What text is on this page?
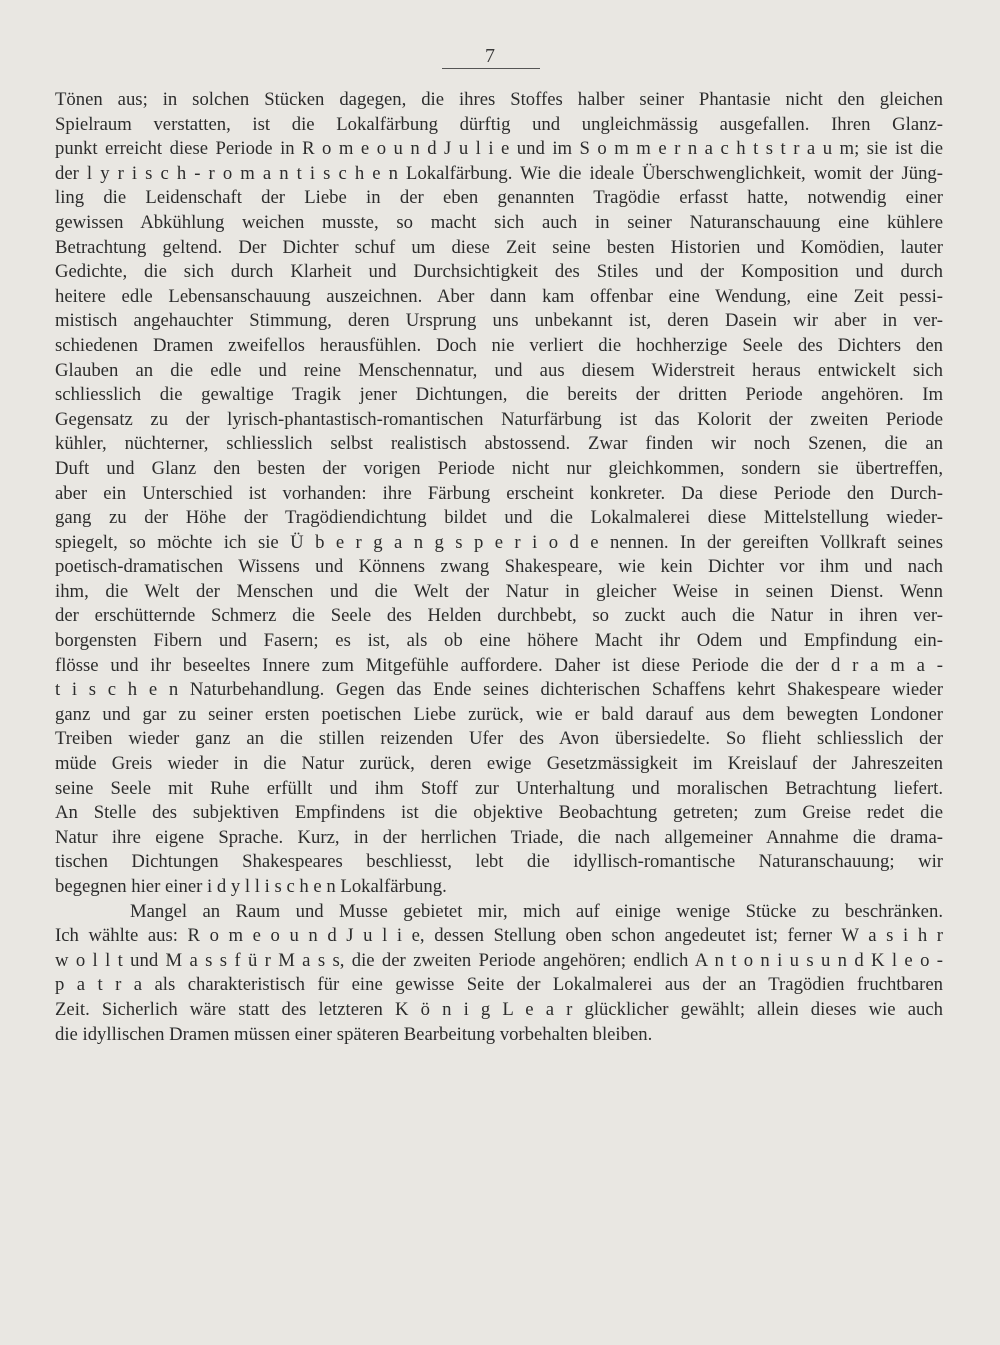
7
Tönen aus; in solchen Stücken dagegen, die ihres Stoffes halber seiner Phantasie nicht den gleichen
Spielraum verstatten, ist die Lokalfärbung dürftig und ungleichmässig ausgefallen. Ihren Glanz-
punkt erreicht diese Periode in R o m e o u n d J u l i e und im S o m m e r n a c h t s t r a u m; sie ist die
der l y r i s c h - r o m a n t i s c h e n Lokalfärbung. Wie die ideale Überschwenglichkeit, womit der Jüng-
ling die Leidenschaft der Liebe in der eben genannten Tragödie erfasst hatte, notwendig einer
gewissen Abkühlung weichen musste, so macht sich auch in seiner Naturanschauung eine kühlere
Betrachtung geltend. Der Dichter schuf um diese Zeit seine besten Historien und Komödien, lauter
Gedichte, die sich durch Klarheit und Durchsichtigkeit des Stiles und der Komposition und durch
heitere edle Lebensanschauung auszeichnen. Aber dann kam offenbar eine Wendung, eine Zeit pessi-
mistisch angehauchter Stimmung, deren Ursprung uns unbekannt ist, deren Dasein wir aber in ver-
schiedenen Dramen zweifellos herausfühlen. Doch nie verliert die hochherzige Seele des Dichters den
Glauben an die edle und reine Menschennatur, und aus diesem Widerstreit heraus entwickelt sich
schliesslich die gewaltige Tragik jener Dichtungen, die bereits der dritten Periode angehören. Im
Gegensatz zu der lyrisch-phantastisch-romantischen Naturfärbung ist das Kolorit der zweiten Periode
kühler, nüchterner, schliesslich selbst realistisch abstossend. Zwar finden wir noch Szenen, die an
Duft und Glanz den besten der vorigen Periode nicht nur gleichkommen, sondern sie übertreffen,
aber ein Unterschied ist vorhanden: ihre Färbung erscheint konkreter. Da diese Periode den Durch-
gang zu der Höhe der Tragödiendichtung bildet und die Lokalmalerei diese Mittelstellung wieder-
spiegelt, so möchte ich sie Ü b e r g a n g s p e r i o d e nennen. In der gereiften Vollkraft seines
poetisch-dramatischen Wissens und Könnens zwang Shakespeare, wie kein Dichter vor ihm und nach
ihm, die Welt der Menschen und die Welt der Natur in gleicher Weise in seinen Dienst. Wenn
der erschütternde Schmerz die Seele des Helden durchbebt, so zuckt auch die Natur in ihren ver-
borgensten Fibern und Fasern; es ist, als ob eine höhere Macht ihr Odem und Empfindung ein-
flösse und ihr beseeltes Innere zum Mitgefühle auffordere. Daher ist diese Periode die der d r a m a -
t i s c h e n Naturbehandlung. Gegen das Ende seines dichterischen Schaffens kehrt Shakespeare wieder
ganz und gar zu seiner ersten poetischen Liebe zurück, wie er bald darauf aus dem bewegten Londoner
Treiben wieder ganz an die stillen reizenden Ufer des Avon übersiedelte. So flieht schliesslich der
müde Greis wieder in die Natur zurück, deren ewige Gesetzmässigkeit im Kreislauf der Jahreszeiten
seine Seele mit Ruhe erfüllt und ihm Stoff zur Unterhaltung und moralischen Betrachtung liefert.
An Stelle des subjektiven Empfindens ist die objektive Beobachtung getreten; zum Greise redet die
Natur ihre eigene Sprache. Kurz, in der herrlichen Triade, die nach allgemeiner Annahme die drama-
tischen Dichtungen Shakespeares beschliesst, lebt die idyllisch-romantische Naturanschauung; wir
begegnen hier einer i d y l l i s c h e n Lokalfärbung.
Mangel an Raum und Musse gebietet mir, mich auf einige wenige Stücke zu beschränken.
Ich wählte aus: R o m e o u n d J u l i e, dessen Stellung oben schon angedeutet ist; ferner W a s i h r
w o l l t und M a s s f ü r M a s s, die der zweiten Periode angehören; endlich A n t o n i u s u n d K l e o -
p a t r a als charakteristisch für eine gewisse Seite der Lokalmalerei aus der an Tragödien fruchtbaren
Zeit. Sicherlich wäre statt des letzteren K ö n i g L e a r glücklicher gewählt; allein dieses wie auch
die idyllischen Dramen müssen einer späteren Bearbeitung vorbehalten bleiben.
